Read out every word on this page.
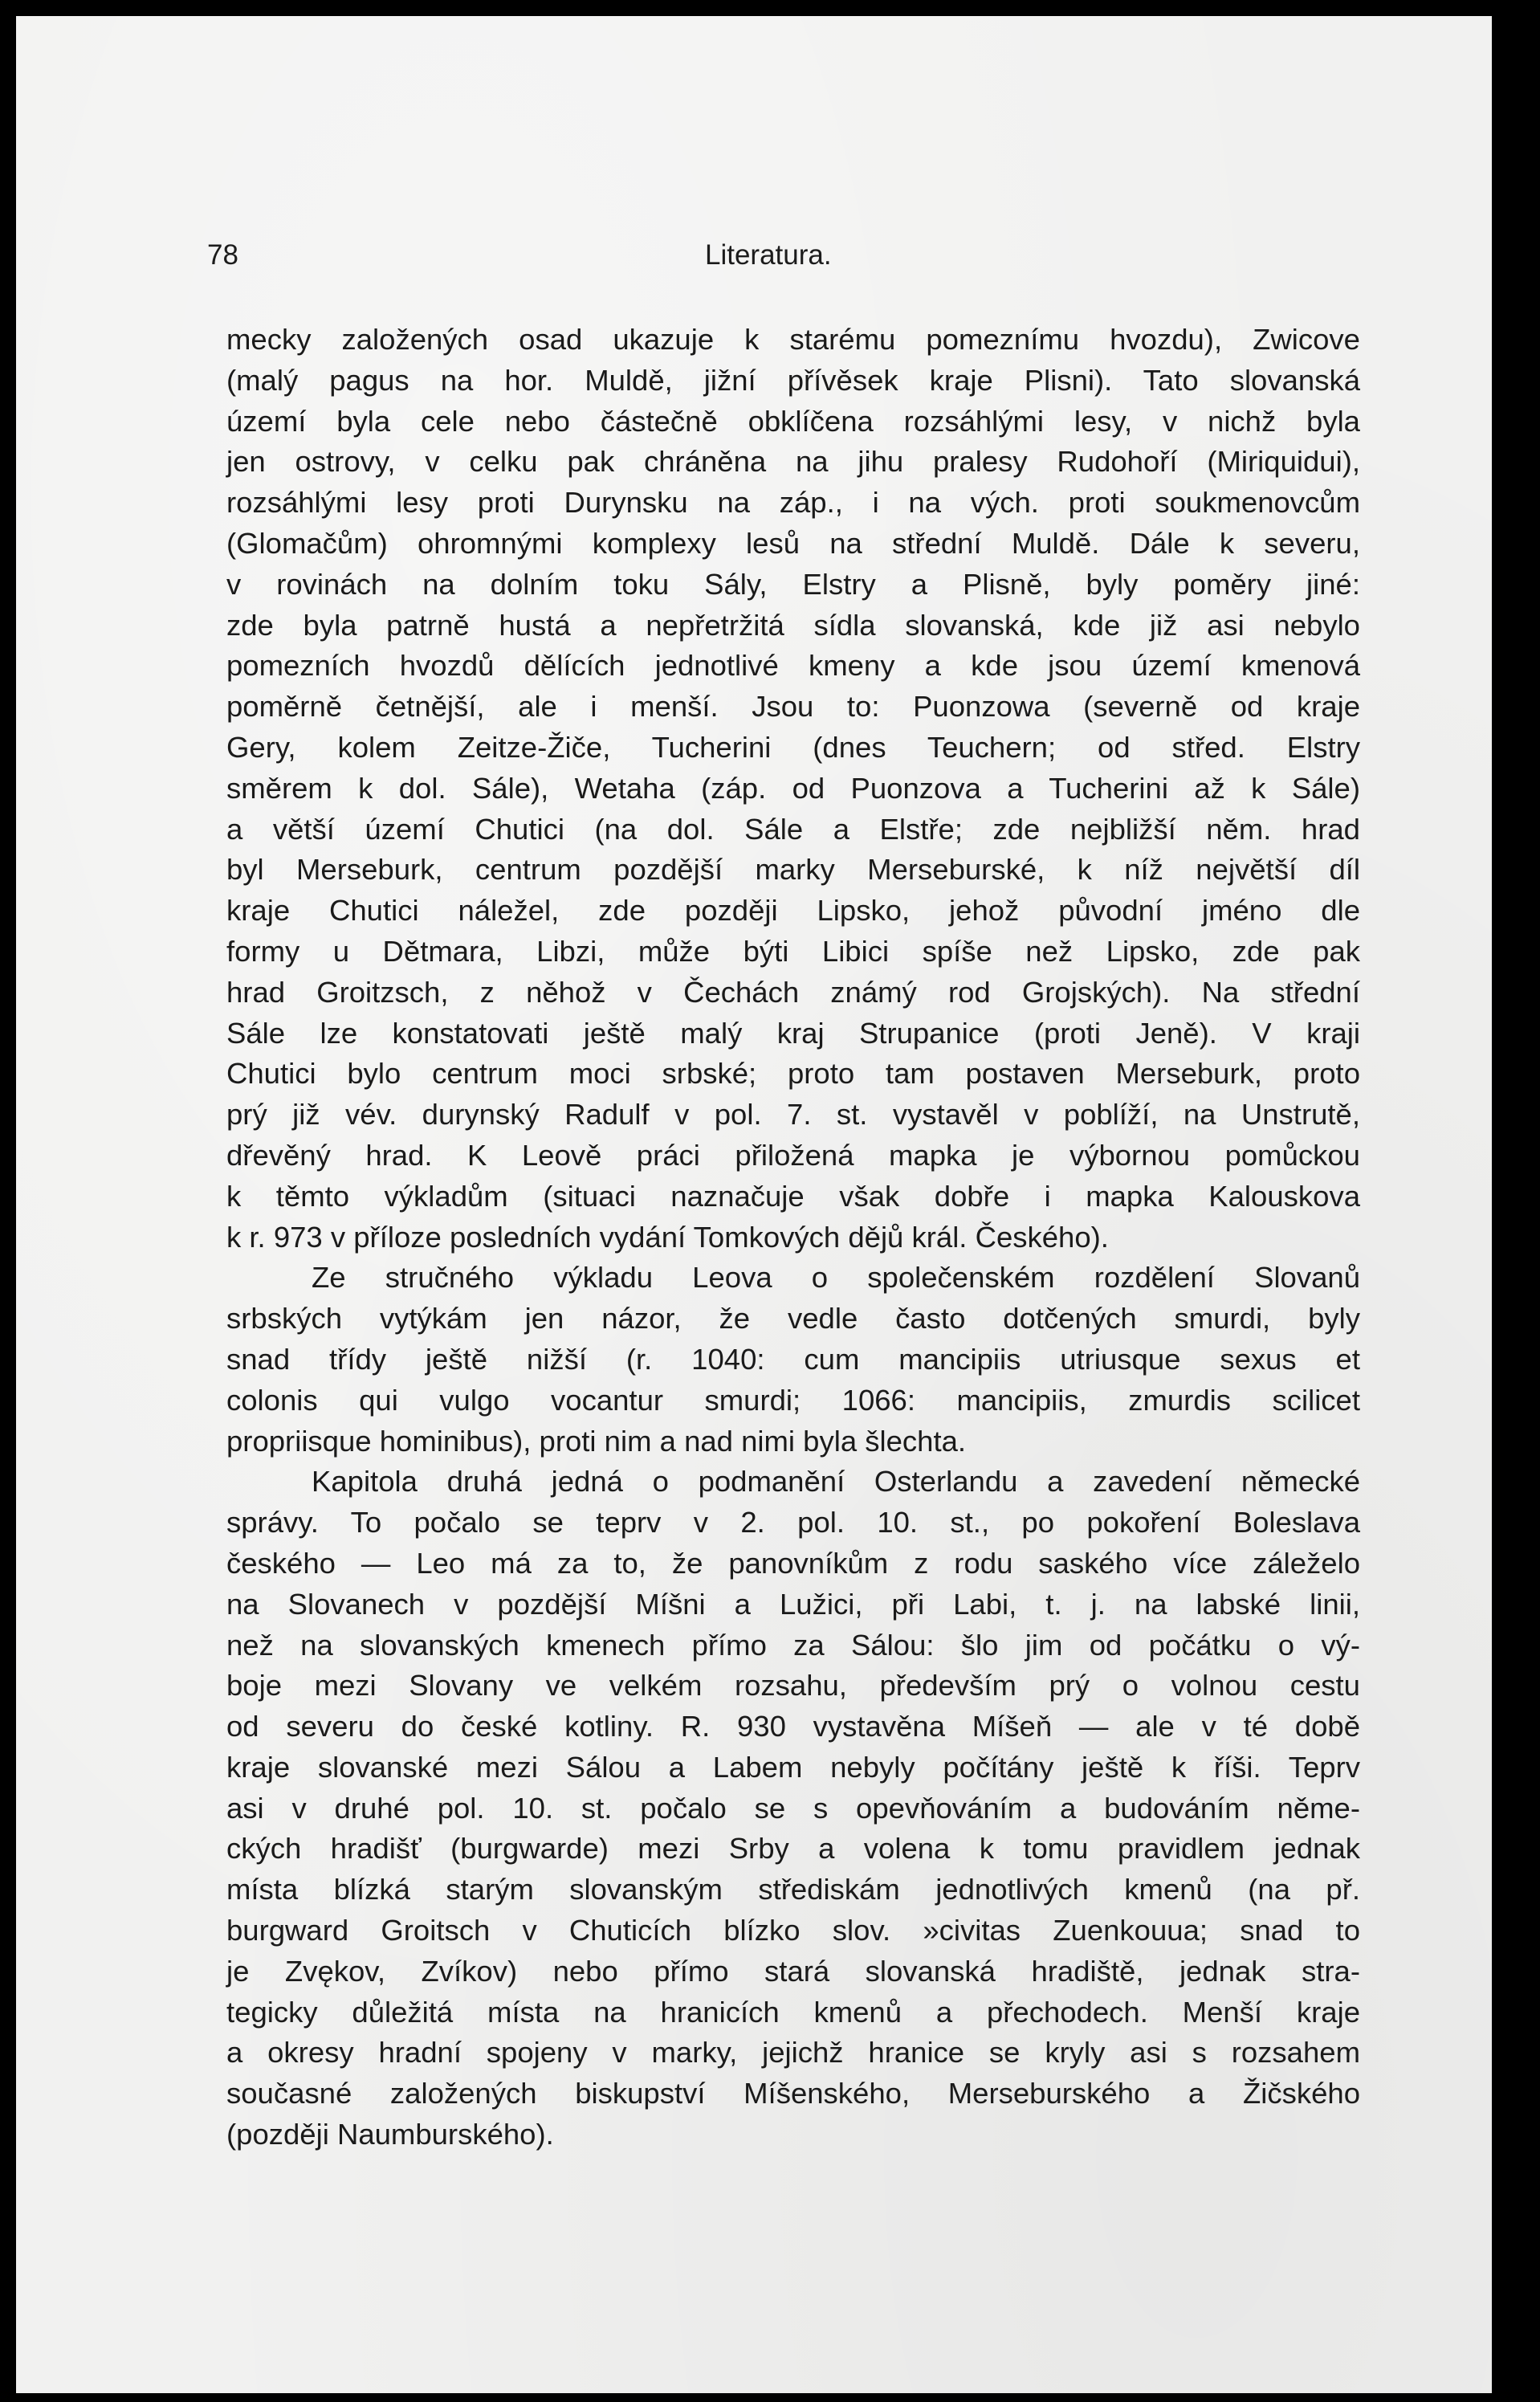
78	Literatura.
mecky založených osad ukazuje k starému pomeznímu hvozdu), Zwicove
(malý pagus na hor. Muldě, jižní přívěsek kraje Plisni). Tato slovanská
území byla cele nebo částečně obklíčena rozsáhlými lesy, v nichž byla
jen ostrovy, v celku pak chráněna na jihu pralesy Rudohoří (Miriquidui),
rozsáhlými lesy proti Durynsku na záp., i na vých. proti soukmenovcům
(Glomačům) ohromnými komplexy lesů na střední Muldě. Dále k severu,
v rovinách na dolním toku Sály, Elstry a Plisně, byly poměry jiné:
zde byla patrně hustá a nepřetržitá sídla slovanská, kde již asi nebylo
pomezních hvozdů dělících jednotlivé kmeny a kde jsou území kmenová
poměrně četnější, ale i menší. Jsou to: Puonzowa (severně od kraje
Gery, kolem Zeitze-Žiče, Tucherini (dnes Teuchern; od střed. Elstry
směrem k dol. Sále), Wetaha (záp. od Puonzova a Tucherini až k Sále)
a větší území Chutici (na dol. Sále a Elstře; zde nejbližší něm. hrad
byl Merseburk, centrum pozdější marky Merseburské, k níž největší díl
kraje Chutici náležel, zde později Lipsko, jehož původní jméno dle
formy u Dětmara, Libzi, může býti Libici spíše než Lipsko, zde pak
hrad Groitzsch, z něhož v Čechách známý rod Grojských). Na střední
Sále lze konstatovati ještě malý kraj Strupanice (proti Jeně). V kraji
Chutici bylo centrum moci srbské; proto tam postaven Merseburk, proto
prý již vév. durynský Radulf v pol. 7. st. vystavěl v poblíží, na Unstrutě,
dřevěný hrad. K Leově práci přiložená mapka je výbornou pomůckou
k těmto výkladům (situaci naznačuje však dobře i mapka Kalouskova
k r. 973 v příloze posledních vydání Tomkových dějů král. Českého).
Ze stručného výkladu Leova o společenském rozdělení Slovanů
srbských vytýkám jen názor, že vedle často dotčených smurdi, byly
snad třídy ještě nižší (r. 1040: cum mancipiis utriusque sexus et
colonis qui vulgo vocantur smurdi; 1066: mancipiis, zmurdis scilicet
propriisque hominibus), proti nim a nad nimi byla šlechta.
Kapitola druhá jedná o podmanění Osterlandu a zavedení německé
správy. To počalo se teprv v 2. pol. 10. st., po pokoření Boleslava
českého — Leo má za to, že panovníkům z rodu saského více záleželo
na Slovanech v pozdější Míšni a Lužici, při Labi, t. j. na labské linii,
než na slovanských kmenech přímo za Sálou: šlo jim od počátku o vý-
boje mezi Slovany ve velkém rozsahu, především prý o volnou cestu
od severu do české kotliny. R. 930 vystavěna Míšeň — ale v té době
kraje slovanské mezi Sálou a Labem nebyly počítány ještě k říši. Teprv
asi v druhé pol. 10. st. počalo se s opevňováním a budováním něme-
ckých hradišť (burgwarde) mezi Srby a volena k tomu pravidlem jednak
místa blízká starým slovanským střediskám jednotlivých kmenů (na př.
burgward Groitsch v Chuticích blízko slov. »civitas Zuenkouua; snad to
je Zvękov, Zvíkov) nebo přímo stará slovanská hradiště, jednak stra-
tegicky důležitá místa na hranicích kmenů a přechodech. Menší kraje
a okresy hradní spojeny v marky, jejichž hranice se kryly asi s rozsahem
současné založených biskupství Míšenského, Merseburského a Žičského
(později Naumburského).
